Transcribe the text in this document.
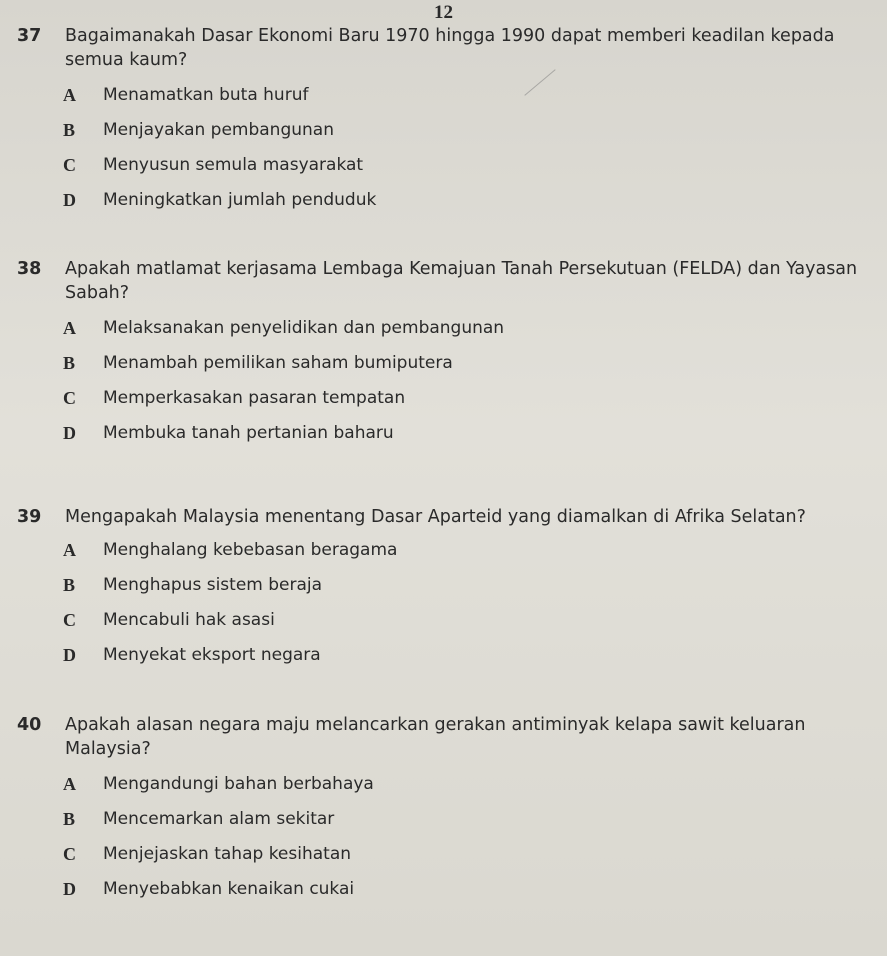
12
37	Bagaimanakah Dasar Ekonomi Baru 1970 hingga 1990 dapat memberi keadilan kepada semua kaum?
A	Menamatkan buta huruf
B	Menjayakan pembangunan
C	Menyusun semula masyarakat
D	Meningkatkan jumlah penduduk
38	Apakah matlamat kerjasama Lembaga Kemajuan Tanah Persekutuan (FELDA) dan Yayasan Sabah?
A	Melaksanakan penyelidikan dan pembangunan
B	Menambah pemilikan saham bumiputera
C	Memperkasakan pasaran tempatan
D	Membuka tanah pertanian baharu
39	Mengapakah Malaysia menentang Dasar Aparteid yang diamalkan di Afrika Selatan?
A	Menghalang kebebasan beragama
B	Menghapus sistem beraja
C	Mencabuli hak asasi
D	Menyekat eksport negara
40	Apakah alasan negara maju melancarkan gerakan antiminyak kelapa sawit keluaran Malaysia?
A	Mengandungi bahan berbahaya
B	Mencemarkan alam sekitar
C	Menjejaskan tahap kesihatan
D	Menyebabkan kenaikan cukai
